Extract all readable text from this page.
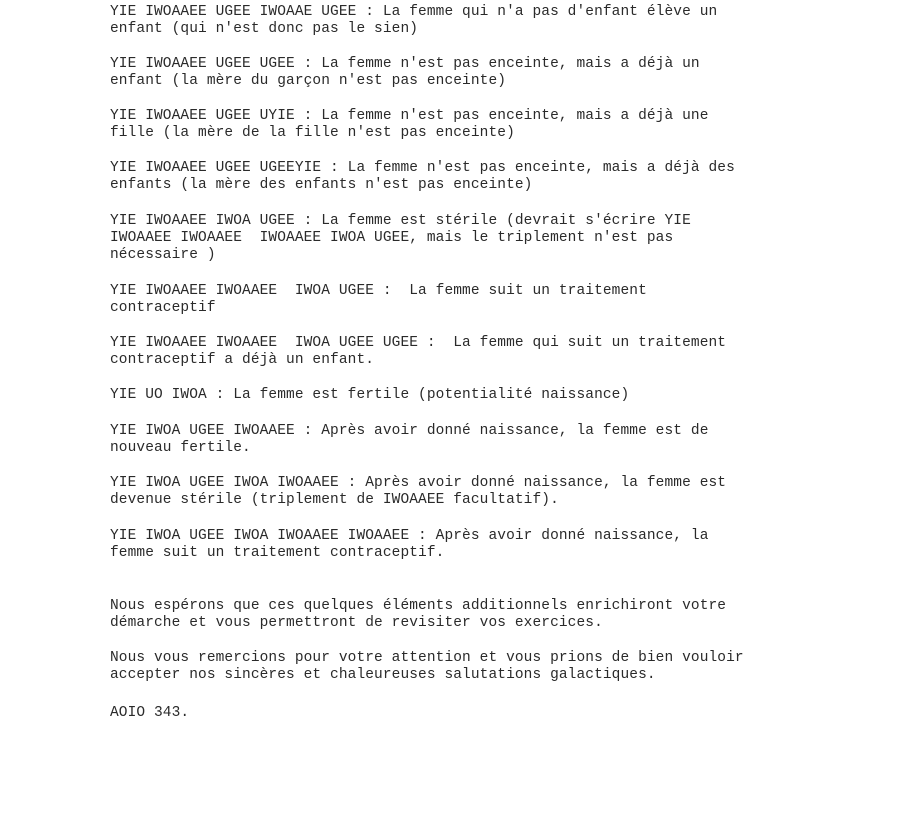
YIE IWOAAEE UGEE IWOAAE UGEE : La femme qui n'a pas d'enfant élève un
enfant (qui n'est donc pas le sien)

YIE IWOAAEE UGEE UGEE : La femme n'est pas enceinte, mais a déjà un
enfant (la mère du garçon n'est pas enceinte)

YIE IWOAAEE UGEE UYIE : La femme n'est pas enceinte, mais a déjà une
fille (la mère de la fille n'est pas enceinte)

YIE IWOAAEE UGEE UGEEYIE : La femme n'est pas enceinte, mais a déjà des
enfants (la mère des enfants n'est pas enceinte)

YIE IWOAAEE IWOA UGEE : La femme est stérile (devrait s'écrire YIE
IWOAAEE IWOAAEE  IWOAAEE IWOA UGEE, mais le triplement n'est pas
nécessaire )

YIE IWOAAEE IWOAAEE  IWOA UGEE :  La femme suit un traitement
contraceptif

YIE IWOAAEE IWOAAEE  IWOA UGEE UGEE :  La femme qui suit un traitement
contraceptif a déjà un enfant.

YIE UO IWOA : La femme est fertile (potentialité naissance)

YIE IWOA UGEE IWOAAEE : Après avoir donné naissance, la femme est de
nouveau fertile.

YIE IWOA UGEE IWOA IWOAAEE : Après avoir donné naissance, la femme est
devenue stérile (triplement de IWOAAEE facultatif).

YIE IWOA UGEE IWOA IWOAAEE IWOAAEE : Après avoir donné naissance, la
femme suit un traitement contraceptif.

Nous espérons que ces quelques éléments additionnels enrichiront votre
démarche et vous permettront de revisiter vos exercices.

Nous vous remercions pour votre attention et vous prions de bien vouloir
accepter nos sincères et chaleureuses salutations galactiques.

AOIO 343.
